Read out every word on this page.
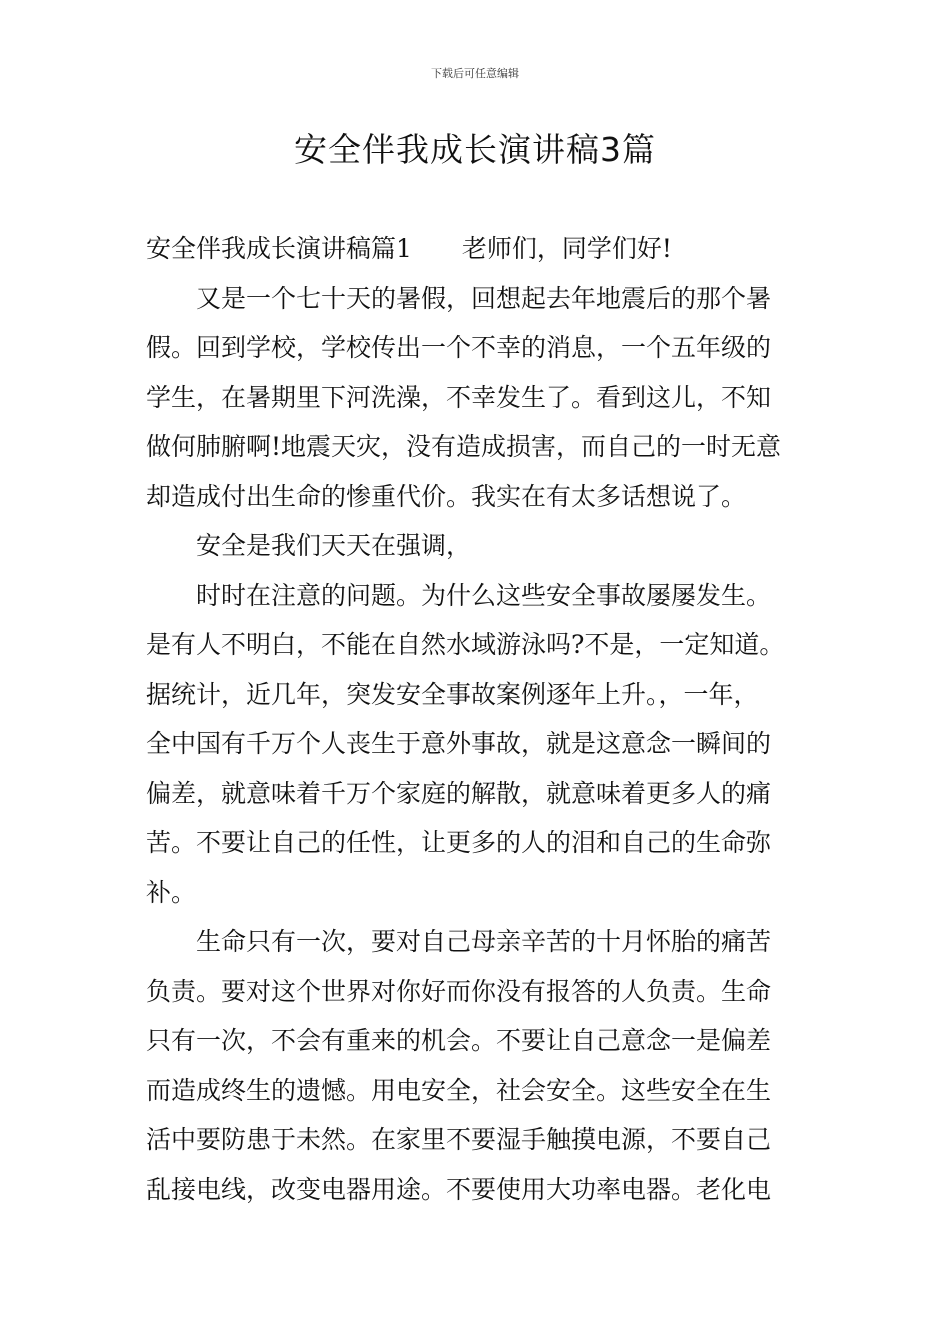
下载后可任意编辑
安全伴我成长演讲稿3篇
安全伴我成长演讲稿篇1 老师们，同学们好!
又是一个七十天的暑假，回想起去年地震后的那个暑
假。回到学校，学校传出一个不幸的消息，一个五年级的
学生，在暑期里下河洗澡，不幸发生了。看到这儿，不知
做何肺腑啊!地震天灾，没有造成损害，而自己的一时无意
却造成付出生命的惨重代价。我实在有太多话想说了。
安全是我们天天在强调，
时时在注意的问题。为什么这些安全事故屡屡发生。
是有人不明白，不能在自然水域游泳吗?不是，一定知道。
据统计，近几年，突发安全事故案例逐年上升。，一年，
全中国有千万个人丧生于意外事故，就是这意念一瞬间的
偏差，就意味着千万个家庭的解散，就意味着更多人的痛
苦。不要让自己的任性，让更多的人的泪和自己的生命弥
补。
生命只有一次，要对自己母亲辛苦的十月怀胎的痛苦
负责。要对这个世界对你好而你没有报答的人负责。生命
只有一次，不会有重来的机会。不要让自己意念一是偏差
而造成终生的遗憾。用电安全，社会安全。这些安全在生
活中要防患于未然。在家里不要湿手触摸电源，不要自己
乱接电线，改变电器用途。不要使用大功率电器。老化电
